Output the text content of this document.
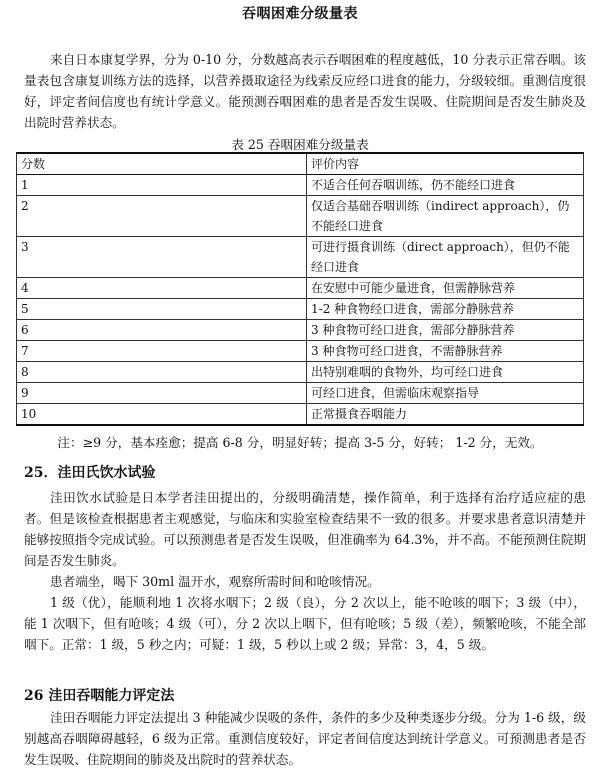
吞咽困难分级量表
来自日本康复学界，分为 0-10 分，分数越高表示吞咽困难的程度越低，10 分表示正常吞咽。该量表包含康复训练方法的选择，以营养摄取途径为线索反应经口进食的能力，分级较细。重测信度很好，评定者间信度也有统计学意义。能预测吞咽困难的患者是否发生误吸、住院期间是否发生肺炎及出院时营养状态。
表 25 吞咽困难分级量表
分数	评价内容
1	不适合任何吞咽训练，仍不能经口进食
2	仅适合基础吞咽训练（indirect approach），仍不能经口进食
3	可进行摄食训练（direct approach），但仍不能经口进食
4	在安慰中可能少量进食，但需静脉营养
5	1-2 种食物经口进食，需部分静脉营养
6	3 种食物可经口进食，需部分静脉营养
7	3 种食物可经口进食，不需静脉营养
8	出特别难咽的食物外，均可经口进食
9	可经口进食，但需临床观察指导
10	正常摄食吞咽能力
注：≥9 分，基本痊愈；提高 6-8 分，明显好转；提高 3-5 分，好转； 1-2 分，无效。
25．洼田氏饮水试验
洼田饮水试验是日本学者洼田提出的，分级明确清楚，操作简单，利于选择有治疗适应症的患者。但是该检查根据患者主观感觉，与临床和实验室检查结果不一致的很多。并要求患者意识清楚并能够按照指令完成试验。可以预测患者是否发生误吸，但准确率为 64.3%，并不高。不能预测住院期间是否发生肺炎。
患者端坐，喝下 30ml 温开水，观察所需时间和呛咳情况。
1 级（优），能顺利地 1 次将水咽下；2 级（良），分 2 次以上，能不呛咳的咽下；3 级（中），能 1 次咽下，但有呛咳；4 级（可），分 2 次以上咽下，但有呛咳；5 级（差），频繁呛咳，不能全部咽下。正常：1 级，5 秒之内；可疑：1 级，5 秒以上或 2 级；异常：3，4，5 级。
26 洼田吞咽能力评定法
洼田吞咽能力评定法提出 3 种能减少误吸的条件，条件的多少及种类逐步分级。分为 1-6 级，级别越高吞咽障碍越轻，6 级为正常。重测信度较好，评定者间信度达到统计学意义。可预测患者是否发生误吸、住院期间的肺炎及出院时的营养状态。
